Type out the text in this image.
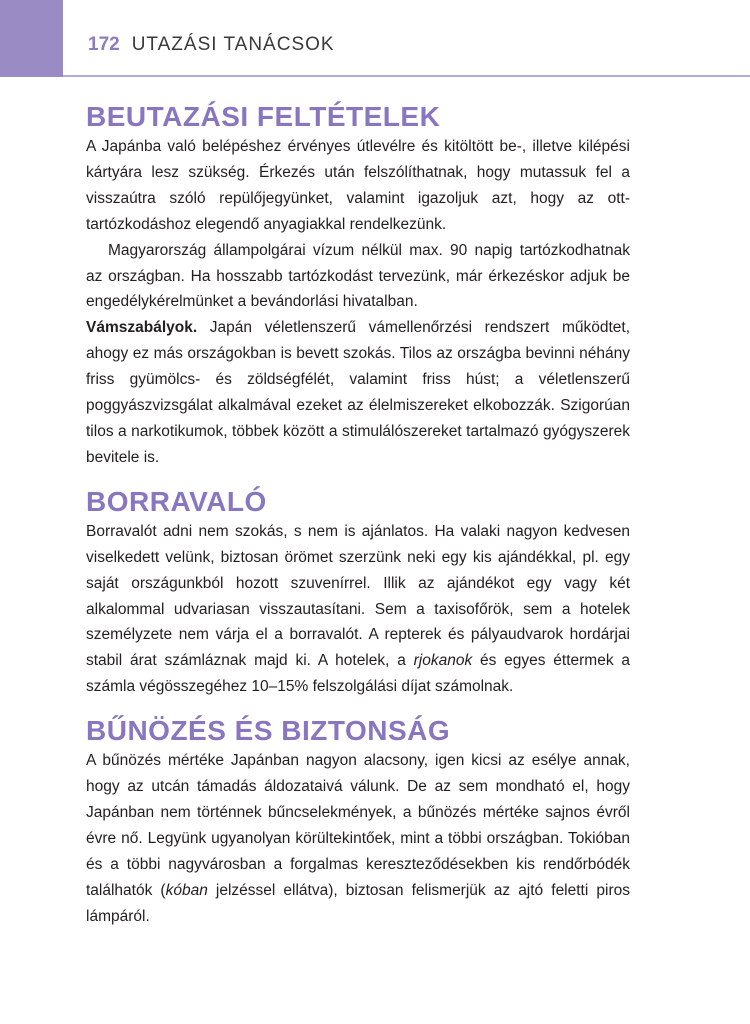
172 UTAZÁSI TANÁCSOK
BEUTAZÁSI FELTÉTELEK

A Japánba való belépéshez érvényes útlevélre és kitöltött be-, illetve kilépési kártyára lesz szükség. Érkezés után felszólíthatnak, hogy mutassuk fel a visszaútra szóló repülőjegyünket, valamint igazoljuk azt, hogy az ott-tartózkodáshoz elegendő anyagiakkal rendelkezünk.

Magyarország állampolgárai vízum nélkül max. 90 napig tartózkodhatnak az országban. Ha hosszabb tartózkodást tervezünk, már érkezéskor adjuk be engedélykérelmünket a bevándorlási hivatalban.

Vámszabályok. Japán véletlenszerű vámellenőrzési rendszert működtet, ahogy ez más országokban is bevett szokás. Tilos az országba bevinni néhány friss gyümölcs- és zöldségfélét, valamint friss húst; a véletlenszerű poggyászvizsgálat alkalmával ezeket az élelmiszereket elkobozzák. Szigorúan tilos a narkotikumok, többek között a stimulálószereket tartalmazó gyógyszerek bevitele is.

BORRAVALÓ

Borravalót adni nem szokás, s nem is ajánlatos. Ha valaki nagyon kedvesen viselkedett velünk, biztosan örömet szerzünk neki egy kis ajándékkal, pl. egy saját országunkból hozott szuvenírrel. Illik az ajándékot egy vagy két alkalommal udvariasan visszautasítani. Sem a taxisofőrök, sem a hotelek személyzete nem várja el a borravalót. A repterek és pályaudvarok hordárjai stabil árat számláznak majd ki. A hotelek, a rjokanok és egyes éttermek a számla végösszegéhez 10–15% felszolgálási díjat számolnak.

BŰNÖZÉS ÉS BIZTONSÁG

A bűnözés mértéke Japánban nagyon alacsony, igen kicsi az esélye annak, hogy az utcán támadás áldozataivá válunk. De az sem mondható el, hogy Japánban nem történnek bűncselekmények, a bűnözés mértéke sajnos évről évre nő. Legyünk ugyanolyan körültekintőek, mint a többi országban. Tokióban és a többi nagyvárosban a forgalmas kereszteződésekben kis rendőrbódék találhatók (kóban jelzéssel ellátva), biztosan felismerjük az ajtó feletti piros lámpáról.
